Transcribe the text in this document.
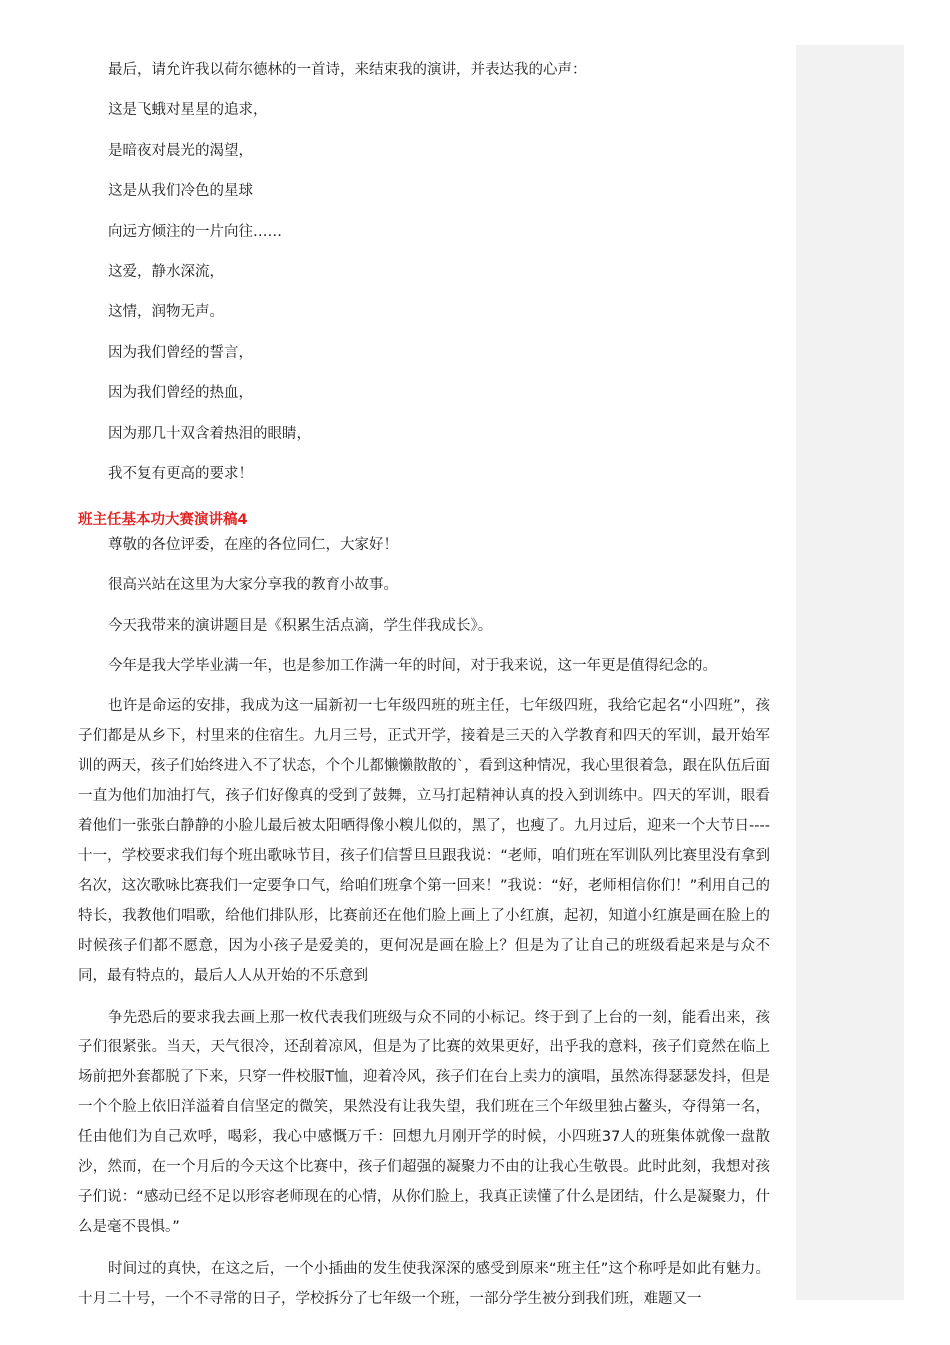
最后，请允许我以荷尔德林的一首诗，来结束我的演讲，并表达我的心声：

这是飞蛾对星星的追求，

是暗夜对晨光的渴望，

这是从我们冷色的星球

向远方倾注的一片向往……

这爱，静水深流，

这情，润物无声。

因为我们曾经的誓言，

因为我们曾经的热血，

因为那几十双含着热泪的眼睛，

我不复有更高的要求！

班主任基本功大赛演讲稿4

尊敬的各位评委，在座的各位同仁，大家好！

很高兴站在这里为大家分享我的教育小故事。

今天我带来的演讲题目是《积累生活点滴，学生伴我成长》。

今年是我大学毕业满一年，也是参加工作满一年的时间，对于我来说，这一年更是值得纪念的。

也许是命运的安排，我成为这一届新初一七年级四班的班主任，七年级四班，我给它起名“小四班”，孩子们都是从乡下，村里来的住宿生。九月三号，正式开学，接着是三天的入学教育和四天的军训，最开始军训的两天，孩子们始终进入不了状态，个个儿都懒懒散散的`，看到这种情况，我心里很着急，跟在队伍后面一直为他们加油打气，孩子们好像真的受到了鼓舞，立马打起精神认真的投入到训练中。四天的军训，眼看着他们一张张白静静的小脸儿最后被太阳晒得像小糗儿似的，黑了，也瘦了。九月过后，迎来一个大节日----十一，学校要求我们每个班出歌咏节目，孩子们信誓旦旦跟我说：“老师，咱们班在军训队列比赛里没有拿到名次，这次歌咏比赛我们一定要争口气，给咱们班拿个第一回来！”我说：“好，老师相信你们！”利用自己的特长，我教他们唱歌，给他们排队形，比赛前还在他们脸上画上了小红旗，起初，知道小红旗是画在脸上的时候孩子们都不愿意，因为小孩子是爱美的，更何况是画在脸上？但是为了让自己的班级看起来是与众不同，最有特点的，最后人人从开始的不乐意到

争先恐后的要求我去画上那一枚代表我们班级与众不同的小标记。终于到了上台的一刻，能看出来，孩子们很紧张。当天，天气很冷，还刮着凉风，但是为了比赛的效果更好，出乎我的意料，孩子们竟然在临上场前把外套都脱了下来，只穿一件校服T恤，迎着冷风，孩子们在台上卖力的演唱，虽然冻得瑟瑟发抖，但是一个个脸上依旧洋溢着自信坚定的微笑，果然没有让我失望，我们班在三个年级里独占鳌头，夺得第一名，任由他们为自己欢呼，喝彩，我心中感慨万千：回想九月刚开学的时候，小四班37人的班集体就像一盘散沙，然而，在一个月后的今天这个比赛中，孩子们超强的凝聚力不由的让我心生敬畏。此时此刻，我想对孩子们说：“感动已经不足以形容老师现在的心情，从你们脸上，我真正读懂了什么是团结，什么是凝聚力，什么是毫不畏惧。”

时间过的真快，在这之后，一个小插曲的发生使我深深的感受到原来“班主任”这个称呼是如此有魅力。十月二十号，一个不寻常的日子，学校拆分了七年级一个班，一部分学生被分到我们班，难题又一
